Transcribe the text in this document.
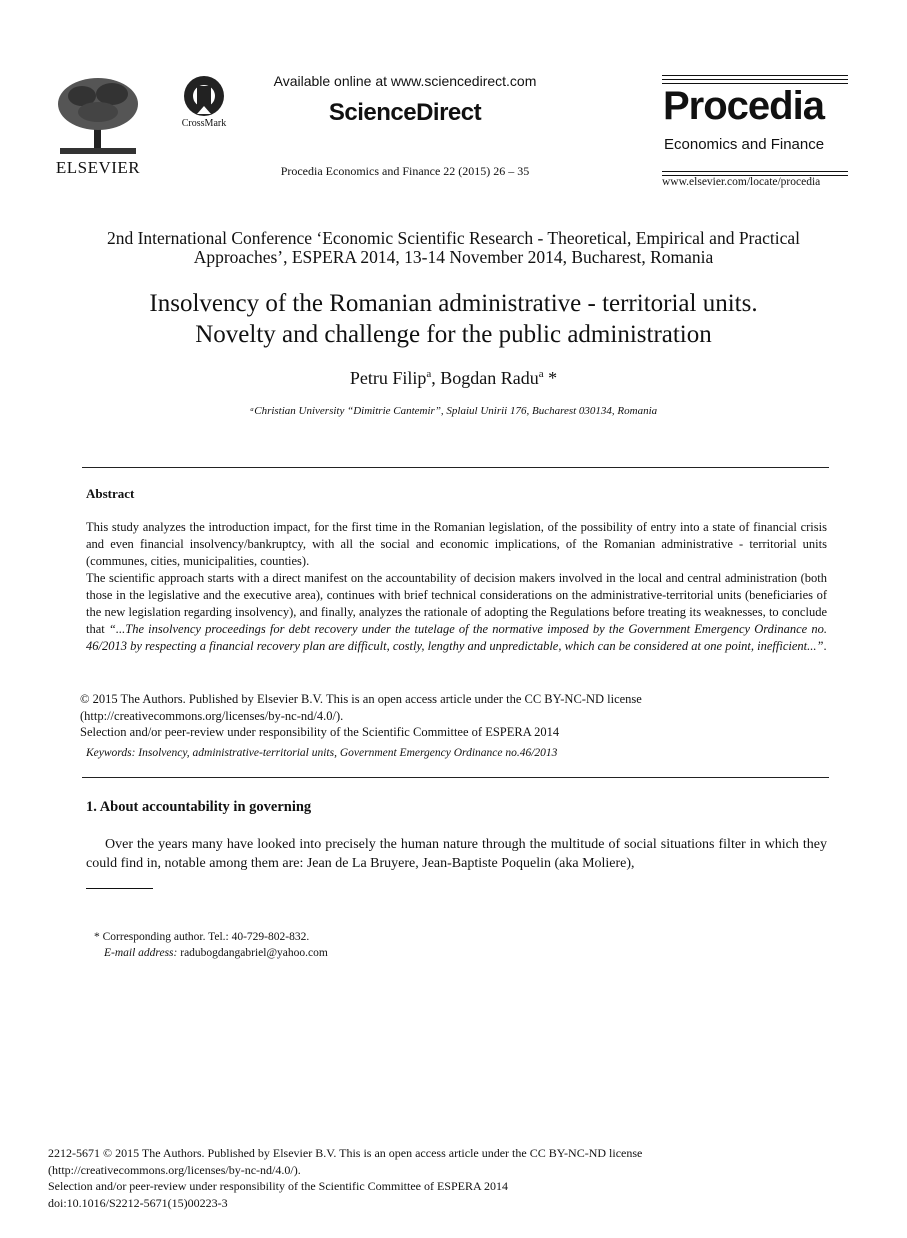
ELSEVIER
CrossMark
Available online at www.sciencedirect.com
ScienceDirect
Procedia Economics and Finance 22 (2015) 26 – 35
Procedia
Economics and Finance
www.elsevier.com/locate/procedia
2nd International Conference ‘Economic Scientific Research - Theoretical, Empirical and Practical Approaches’, ESPERA 2014, 13-14 November 2014, Bucharest, Romania
Insolvency of the Romanian administrative - territorial units.
Novelty and challenge for the public administration
Petru Filip$^a$, Bogdan Radu$^a$ *
ᵃChristian University “Dimitrie Cantemir”, Splaiul Unirii 176, Bucharest 030134, Romania
Abstract

This study analyzes the introduction impact, for the first time in the Romanian legislation, of the possibility of entry into a state of financial crisis and even financial insolvency/bankruptcy, with all the social and economic implications, of the Romanian administrative - territorial units (communes, cities, municipalities, counties).

The scientific approach starts with a direct manifest on the accountability of decision makers involved in the local and central administration (both those in the legislative and the executive area), continues with brief technical considerations on the administrative-territorial units (beneficiaries of the new legislation regarding insolvency), and finally, analyzes the rationale of adopting the Regulations before treating its weaknesses, to conclude that “...The insolvency proceedings for debt recovery under the tutelage of the normative imposed by the Government Emergency Ordinance no. 46/2013 by respecting a financial recovery plan are difficult, costly, lengthy and unpredictable, which can be considered at one point, inefficient...”.

© 2015 The Authors. Published by Elsevier B.V. This is an open access article under the CC BY-NC-ND license
(http://creativecommons.org/licenses/by-nc-nd/4.0/).
Selection and/or peer-review under responsibility of the Scientific Committee of ESPERA 2014
Keywords: Insolvency, administrative-territorial units, Government Emergency Ordinance no.46/2013
1. About accountability in governing
Over the years many have looked into precisely the human nature through the multitude of social situations filter in which they could find in, notable among them are: Jean de La Bruyere, Jean-Baptiste Poquelin (aka Moliere),
* Corresponding author. Tel.: 40-729-802-832.
E-mail address: radubogdangabriel@yahoo.com
2212-5671 © 2015 The Authors. Published by Elsevier B.V. This is an open access article under the CC BY-NC-ND license
(http://creativecommons.org/licenses/by-nc-nd/4.0/).
Selection and/or peer-review under responsibility of the Scientific Committee of ESPERA 2014
doi:10.1016/S2212-5671(15)00223-3
